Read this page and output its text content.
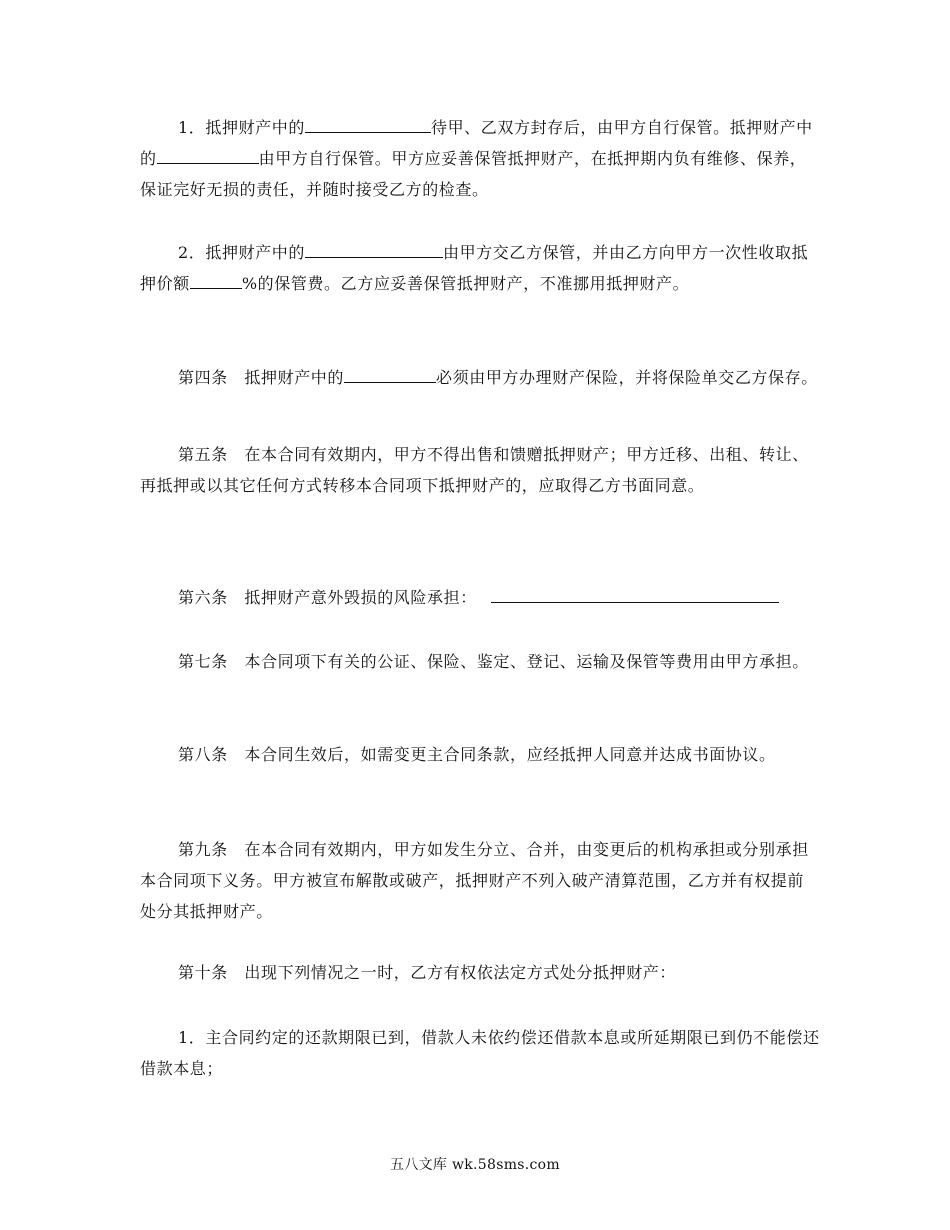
1．抵押财产中的	待甲、乙双方封存后，由甲方自行保管。抵押财产中的	由甲方自行保管。甲方应妥善保管抵押财产，在抵押期内负有维修、保养，保证完好无损的责任，并随时接受乙方的检查。

2．抵押财产中的	由甲方交乙方保管，并由乙方向甲方一次性收取抵押价额	%的保管费。乙方应妥善保管抵押财产，不准挪用抵押财产。

第四条　抵押财产中的	必须由甲方办理财产保险，并将保险单交乙方保存。

第五条　在本合同有效期内，甲方不得出售和馈赠抵押财产；甲方迁移、出租、转让、再抵押或以其它任何方式转移本合同项下抵押财产的，应取得乙方书面同意。

第六条　抵押财产意外毁损的风险承担：

第七条　本合同项下有关的公证、保险、鉴定、登记、运输及保管等费用由甲方承担。

第八条　本合同生效后，如需变更主合同条款，应经抵押人同意并达成书面协议。

第九条　在本合同有效期内，甲方如发生分立、合并，由变更后的机构承担或分别承担本合同项下义务。甲方被宣布解散或破产，抵押财产不列入破产清算范围，乙方并有权提前处分其抵押财产。

第十条　出现下列情况之一时，乙方有权依法定方式处分抵押财产：

1．主合同约定的还款期限已到，借款人未依约偿还借款本息或所延期限已到仍不能偿还借款本息；

五八文库 wk.58sms.com
